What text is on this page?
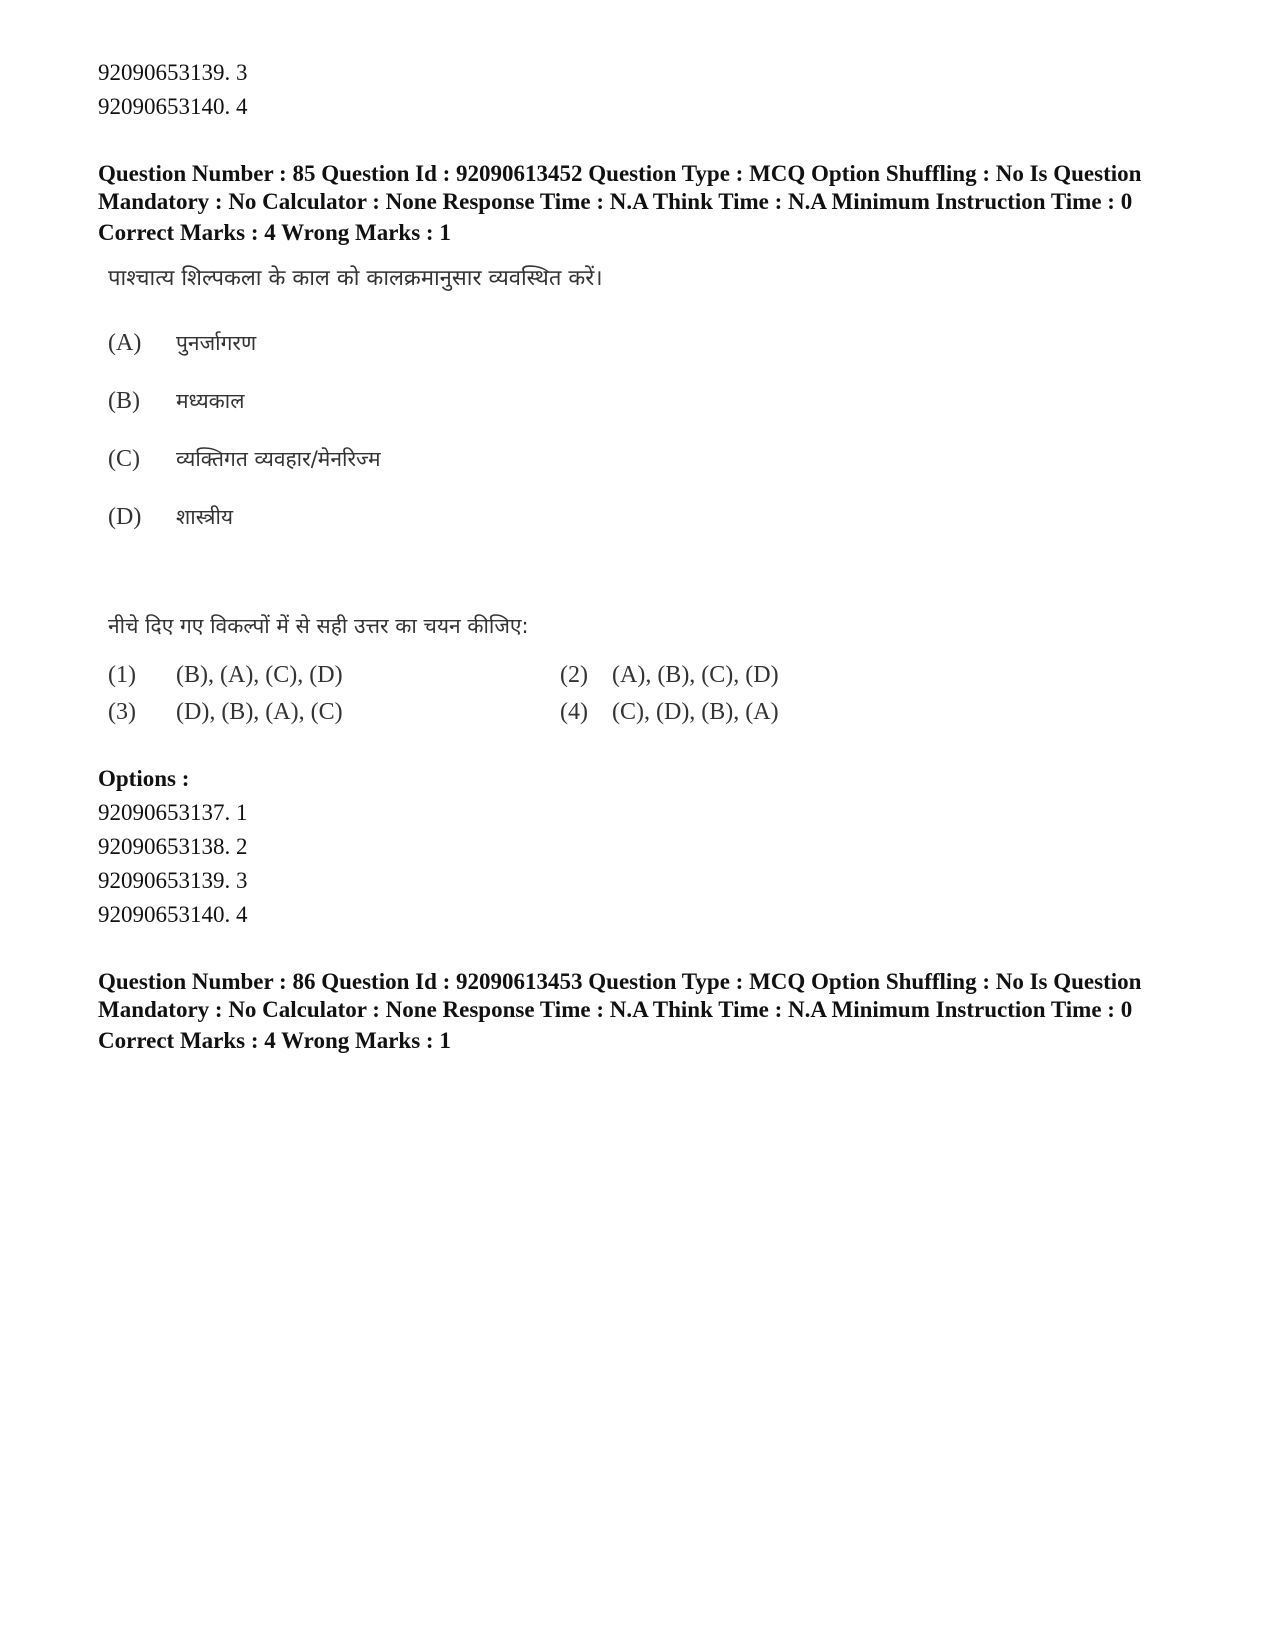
92090653139. 3
92090653140. 4
Question Number : 85 Question Id : 92090613452 Question Type : MCQ Option Shuffling : No Is Question Mandatory : No Calculator : None Response Time : N.A Think Time : N.A Minimum Instruction Time : 0
Correct Marks : 4 Wrong Marks : 1
पाश्चात्य शिल्पकला के काल को कालक्रमानुसार व्यवस्थित करें।
(A)	पुनर्जागरण
(B)	मध्यकाल
(C)	व्यक्तिगत व्यवहार/मेनरिज्म
(D)	शास्त्रीय
नीचे दिए गए विकल्पों में से सही उत्तर का चयन कीजिए:
(1)	(B), (A), (C), (D)	(2)	(A), (B), (C), (D)
(3)	(D), (B), (A), (C)	(4)	(C), (D), (B), (A)
Options :
92090653137. 1
92090653138. 2
92090653139. 3
92090653140. 4
Question Number : 86 Question Id : 92090613453 Question Type : MCQ Option Shuffling : No Is Question Mandatory : No Calculator : None Response Time : N.A Think Time : N.A Minimum Instruction Time : 0
Correct Marks : 4 Wrong Marks : 1
